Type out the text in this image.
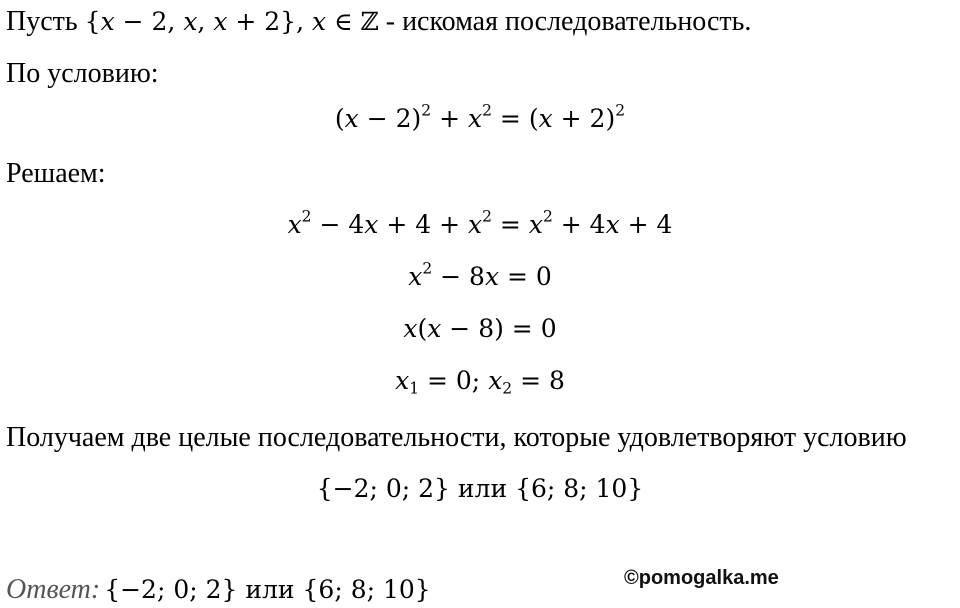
Пусть {x − 2, x, x + 2}, x ∈ ℤ - искомая последовательность.
По условию:
$(x - 2)^2 + x^2 = (x + 2)^2$
Решаем:
$x^2 - 4x + 4 + x^2 = x^2 + 4x + 4$
$x^2 - 8x = 0$
x(x − 8) = 0
$x_1 = 0$; $x_2 = 8$
Получаем две целые последовательности, которые удовлетворяют условию
{−2; 0; 2} или {6; 8; 10}
Ответ: {−2; 0; 2} или {6; 8; 10}	©pomogalka.me
